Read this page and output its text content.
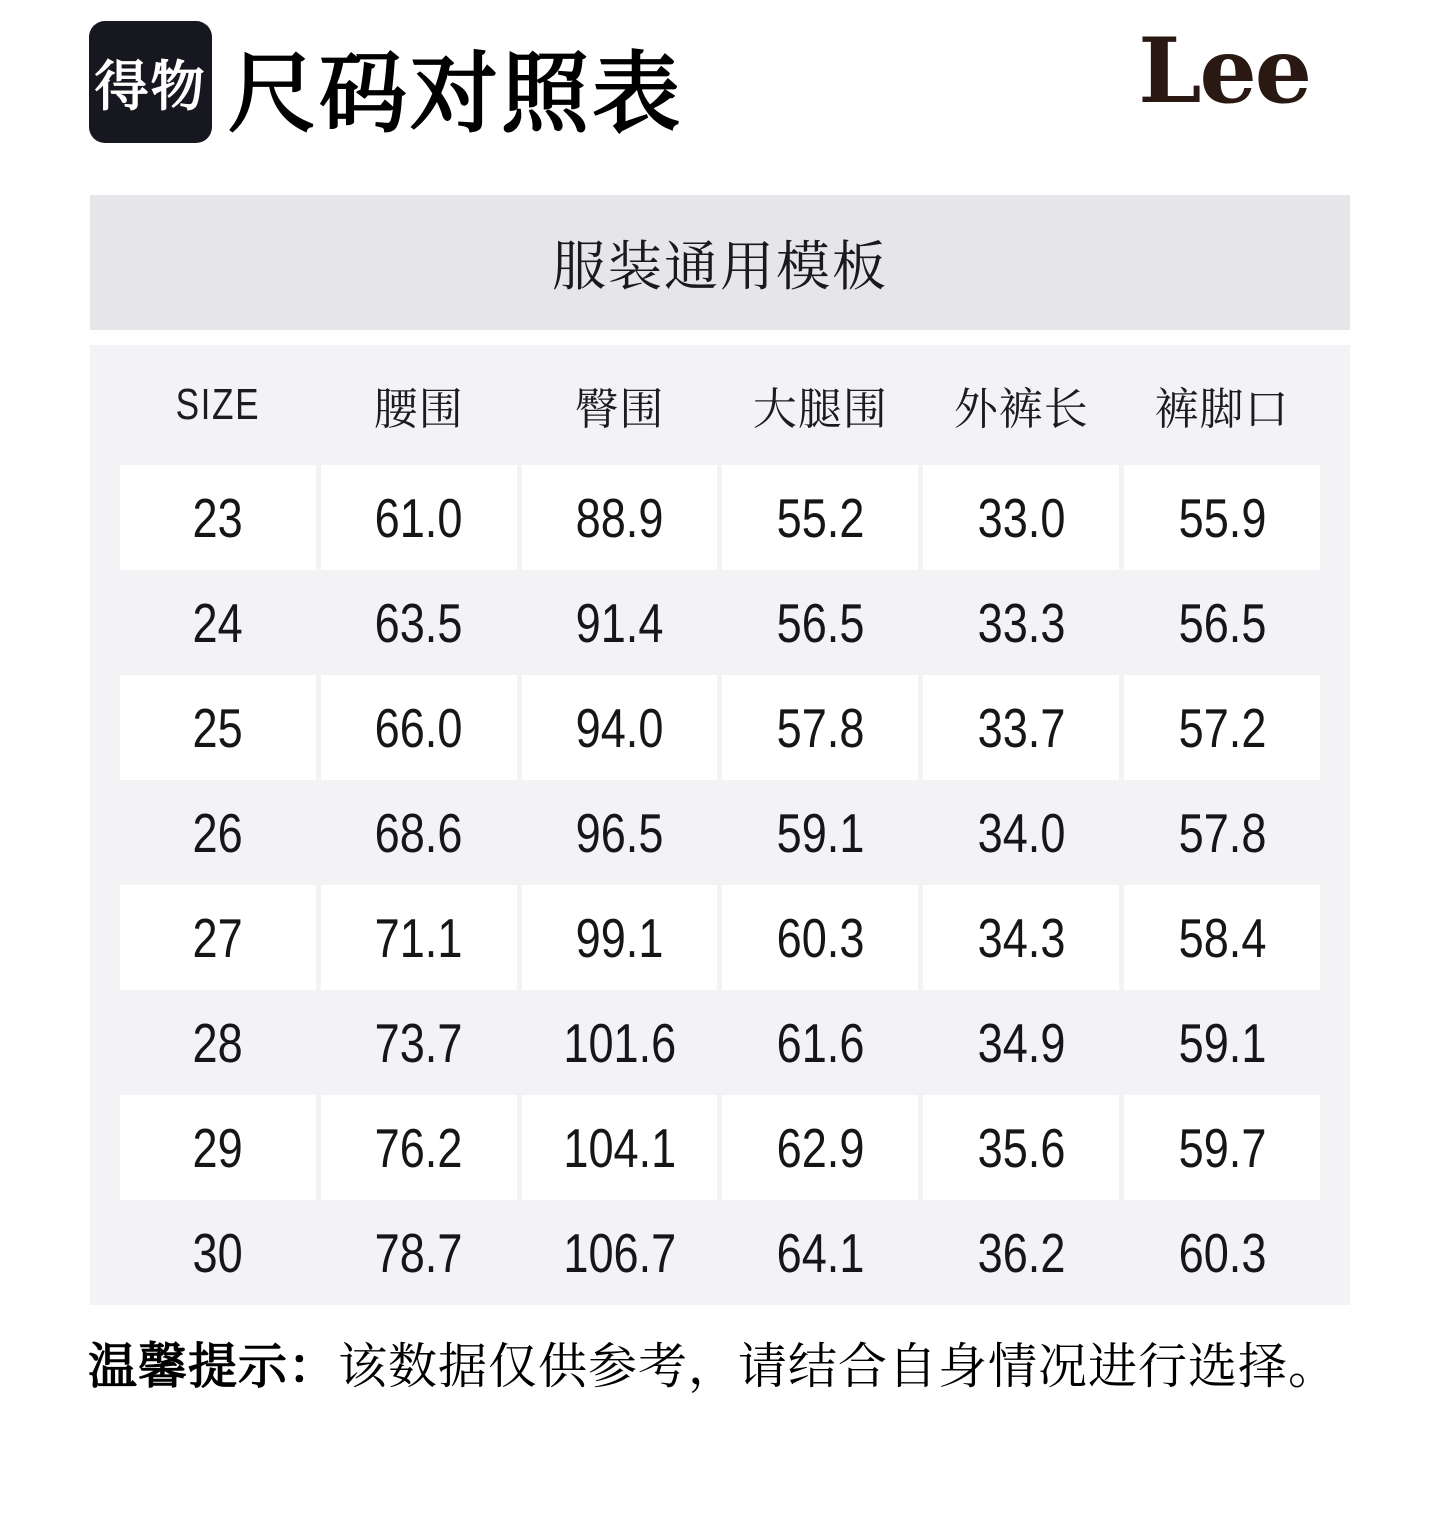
得物 尺码对照表	Lee
服装通用模板
SIZE	腰围	臀围 大腿围 外裤长 裤脚口
23 61.0 88.9 55.2 33.0 55.9
24 63.5 91.4 56.5 33.3 56.5
25 66.0 94.0 57.8 33.7 57.2
26 68.6 96.5 59.1 34.0 57.8
27 71.1 99.1 60.3 34.3 58.4
28 73.7 101.6 61.6 34.9 59.1
29 76.2 104.1 62.9 35.6 59.7
30 78.7 106.7 64.1 36.2 60.3
温馨提示：该数据仅供参考，请结合自身情况进行选择。
